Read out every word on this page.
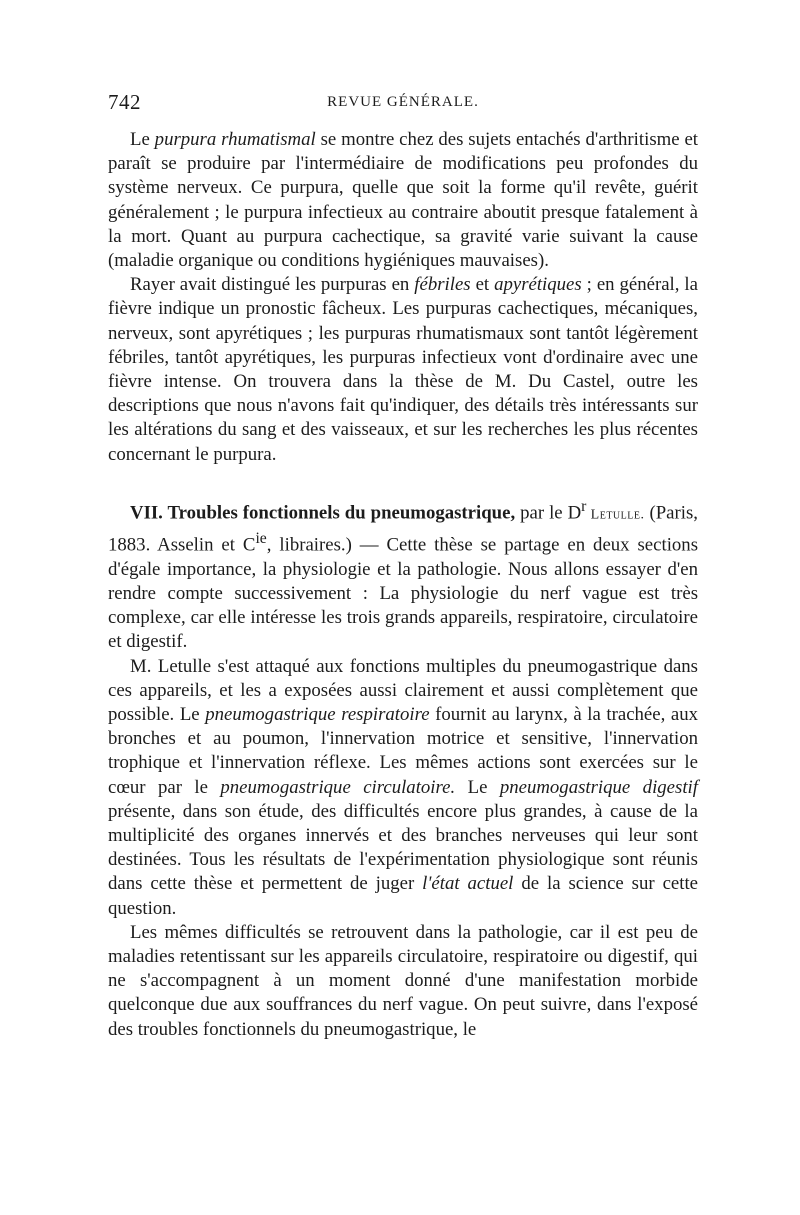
742	REVUE GÉNÉRALE.

Le purpura rhumatismal se montre chez des sujets entachés d'arthritisme et paraît se produire par l'intermédiaire de modifications peu profondes du système nerveux. Ce purpura, quelle que soit la forme qu'il revête, guérit généralement ; le purpura infectieux au contraire aboutit presque fatalement à la mort. Quant au purpura cachectique, sa gravité varie suivant la cause (maladie organique ou conditions hygiéniques mauvaises).

Rayer avait distingué les purpuras en fébriles et apyrétiques ; en général, la fièvre indique un pronostic fâcheux. Les purpuras cachectiques, mécaniques, nerveux, sont apyrétiques ; les purpuras rhumatismaux sont tantôt légèrement fébriles, tantôt apyrétiques, les purpuras infectieux vont d'ordinaire avec une fièvre intense. On trouvera dans la thèse de M. Du Castel, outre les descriptions que nous n'avons fait qu'indiquer, des détails très intéressants sur les altérations du sang et des vaisseaux, et sur les recherches les plus récentes concernant le purpura.

VII. Troubles fonctionnels du pneumogastrique, par le $D^r$ Letulle. (Paris, 1883. Asselin et $C^{ie}$, libraires.) — Cette thèse se partage en deux sections d'égale importance, la physiologie et la pathologie. Nous allons essayer d'en rendre compte successivement : La physiologie du nerf vague est très complexe, car elle intéresse les trois grands appareils, respiratoire, circulatoire et digestif.

M. Letulle s'est attaqué aux fonctions multiples du pneumogastrique dans ces appareils, et les a exposées aussi clairement et aussi complètement que possible. Le pneumogastrique respiratoire fournit au larynx, à la trachée, aux bronches et au poumon, l'innervation motrice et sensitive, l'innervation trophique et l'innervation réflexe. Les mêmes actions sont exercées sur le cœur par le pneumogastrique circulatoire. Le pneumogastrique digestif présente, dans son étude, des difficultés encore plus grandes, à cause de la multiplicité des organes innervés et des branches nerveuses qui leur sont destinées. Tous les résultats de l'expérimentation physiologique sont réunis dans cette thèse et permettent de juger l'état actuel de la science sur cette question.

Les mêmes difficultés se retrouvent dans la pathologie, car il est peu de maladies retentissant sur les appareils circulatoire, respiratoire ou digestif, qui ne s'accompagnent à un moment donné d'une manifestation morbide quelconque due aux souffrances du nerf vague. On peut suivre, dans l'exposé des troubles fonctionnels du pneumogastrique, le
